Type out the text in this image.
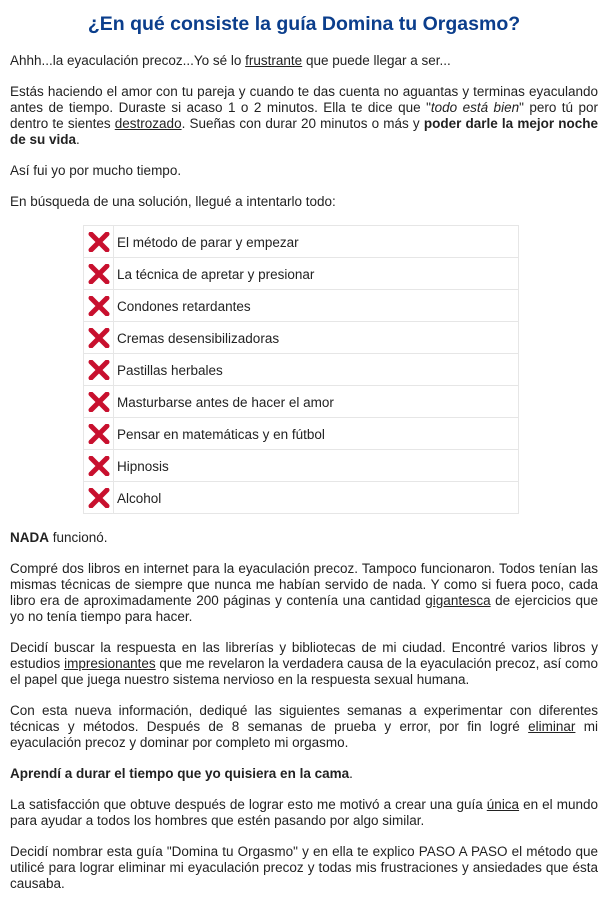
¿En qué consiste la guía Domina tu Orgasmo?

Ahhh...la eyaculación precoz...Yo sé lo frustrante que puede llegar a ser...

Estás haciendo el amor con tu pareja y cuando te das cuenta no aguantas y terminas eyaculando antes de tiempo. Duraste si acaso 1 o 2 minutos. Ella te dice que "todo está bien" pero tú por dentro te sientes destrozado. Sueñas con durar 20 minutos o más y poder darle la mejor noche de su vida.

Así fui yo por mucho tiempo.

En búsqueda de una solución, llegué a intentarlo todo:

	El método de parar y empezar

	La técnica de apretar y presionar

	Condones retardantes

	Cremas desensibilizadoras

	Pastillas herbales

	Masturbarse antes de hacer el amor

	Pensar en matemáticas y en fútbol

	Hipnosis

	Alcohol

NADA funcionó.

Compré dos libros en internet para la eyaculación precoz. Tampoco funcionaron. Todos tenían las mismas técnicas de siempre que nunca me habían servido de nada. Y como si fuera poco, cada libro era de aproximadamente 200 páginas y contenía una cantidad gigantesca de ejercicios que yo no tenía tiempo para hacer.

Decidí buscar la respuesta en las librerías y bibliotecas de mi ciudad. Encontré varios libros y estudios impresionantes que me revelaron la verdadera causa de la eyaculación precoz, así como el papel que juega nuestro sistema nervioso en la respuesta sexual humana.

Con esta nueva información, dediqué las siguientes semanas a experimentar con diferentes técnicas y métodos. Después de 8 semanas de prueba y error, por fin logré eliminar mi eyaculación precoz y dominar por completo mi orgasmo.

Aprendí a durar el tiempo que yo quisiera en la cama.

La satisfacción que obtuve después de lograr esto me motivó a crear una guía única en el mundo para ayudar a todos los hombres que estén pasando por algo similar.

Decidí nombrar esta guía "Domina tu Orgasmo" y en ella te explico PASO A PASO el método que utilicé para lograr eliminar mi eyaculación precoz y todas mis frustraciones y ansiedades que ésta causaba.
